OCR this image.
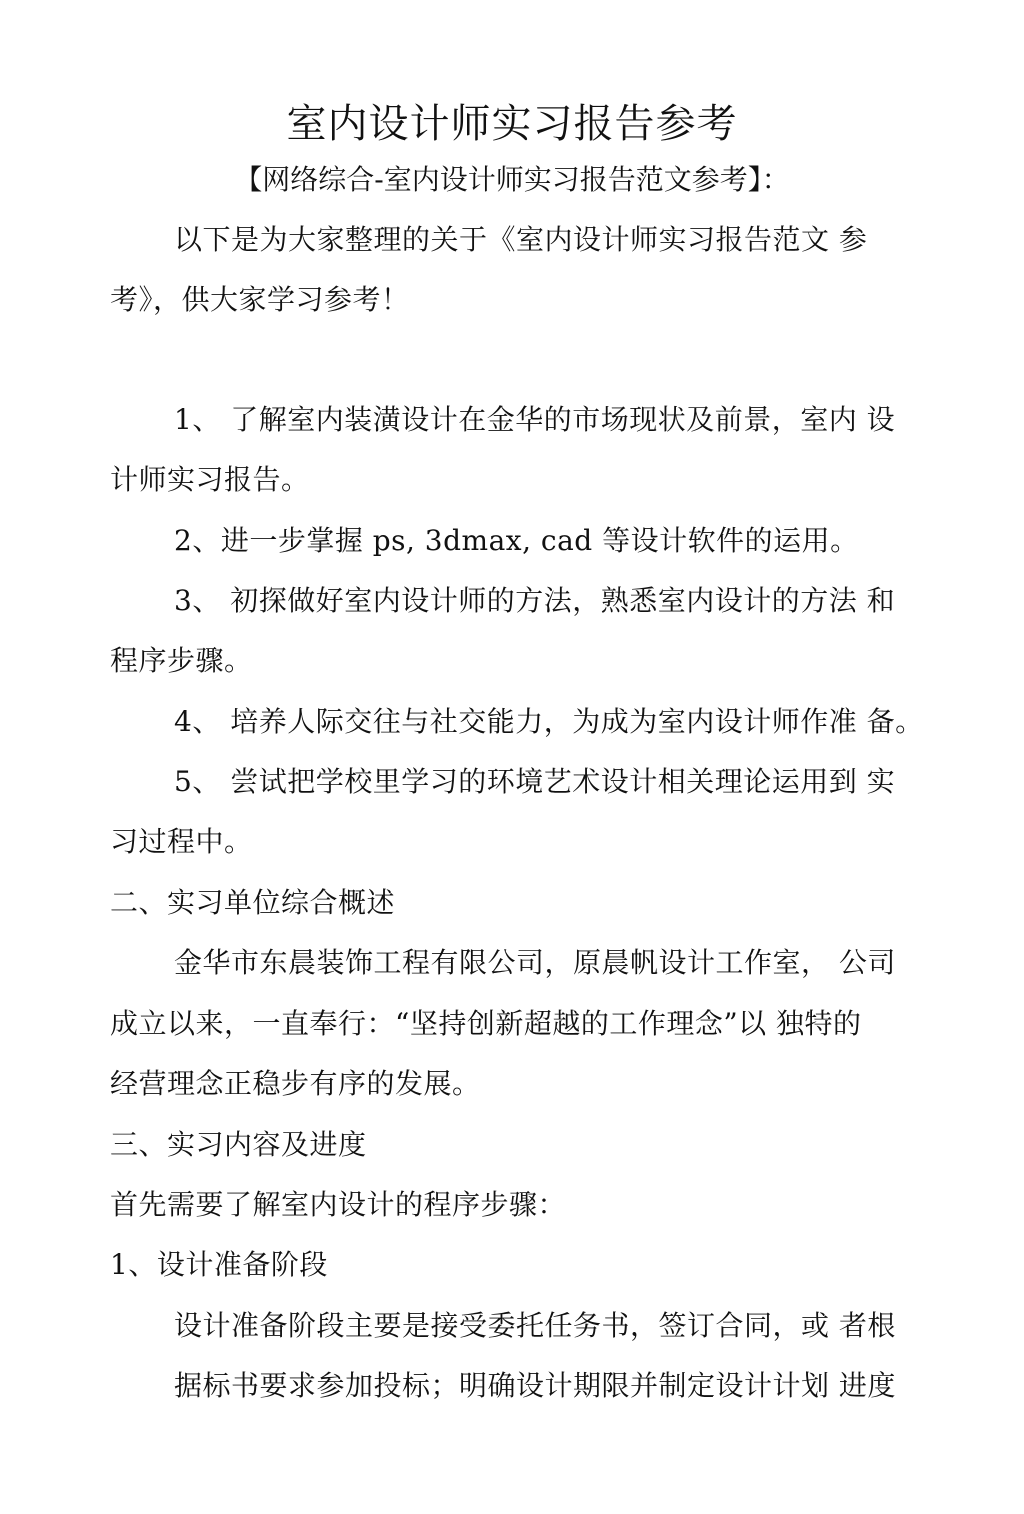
室内设计师实习报告参考
【网络综合-室内设计师实习报告范文参考】：
以下是为大家整理的关于《室内设计师实习报告范文 参
考》，供大家学习参考！
1、 了解室内装潢设计在金华的市场现状及前景，室内 设
计师实习报告。
2、进一步掌握 ps, 3dmax, cad 等设计软件的运用。
3、 初探做好室内设计师的方法，熟悉室内设计的方法 和
程序步骤。
4、 培养人际交往与社交能力，为成为室内设计师作准 备。
5、 尝试把学校里学习的环境艺术设计相关理论运用到 实
习过程中。
二、实习单位综合概述
金华市东晨装饰工程有限公司，原晨帆设计工作室， 公司
成立以来，一直奉行：“坚持创新超越的工作理念”以 独特的
经营理念正稳步有序的发展。
三、实习内容及进度
首先需要了解室内设计的程序步骤：
1、设计准备阶段
设计准备阶段主要是接受委托任务书，签订合同，或 者根
据标书要求参加投标；明确设计期限并制定设计计划 进度
